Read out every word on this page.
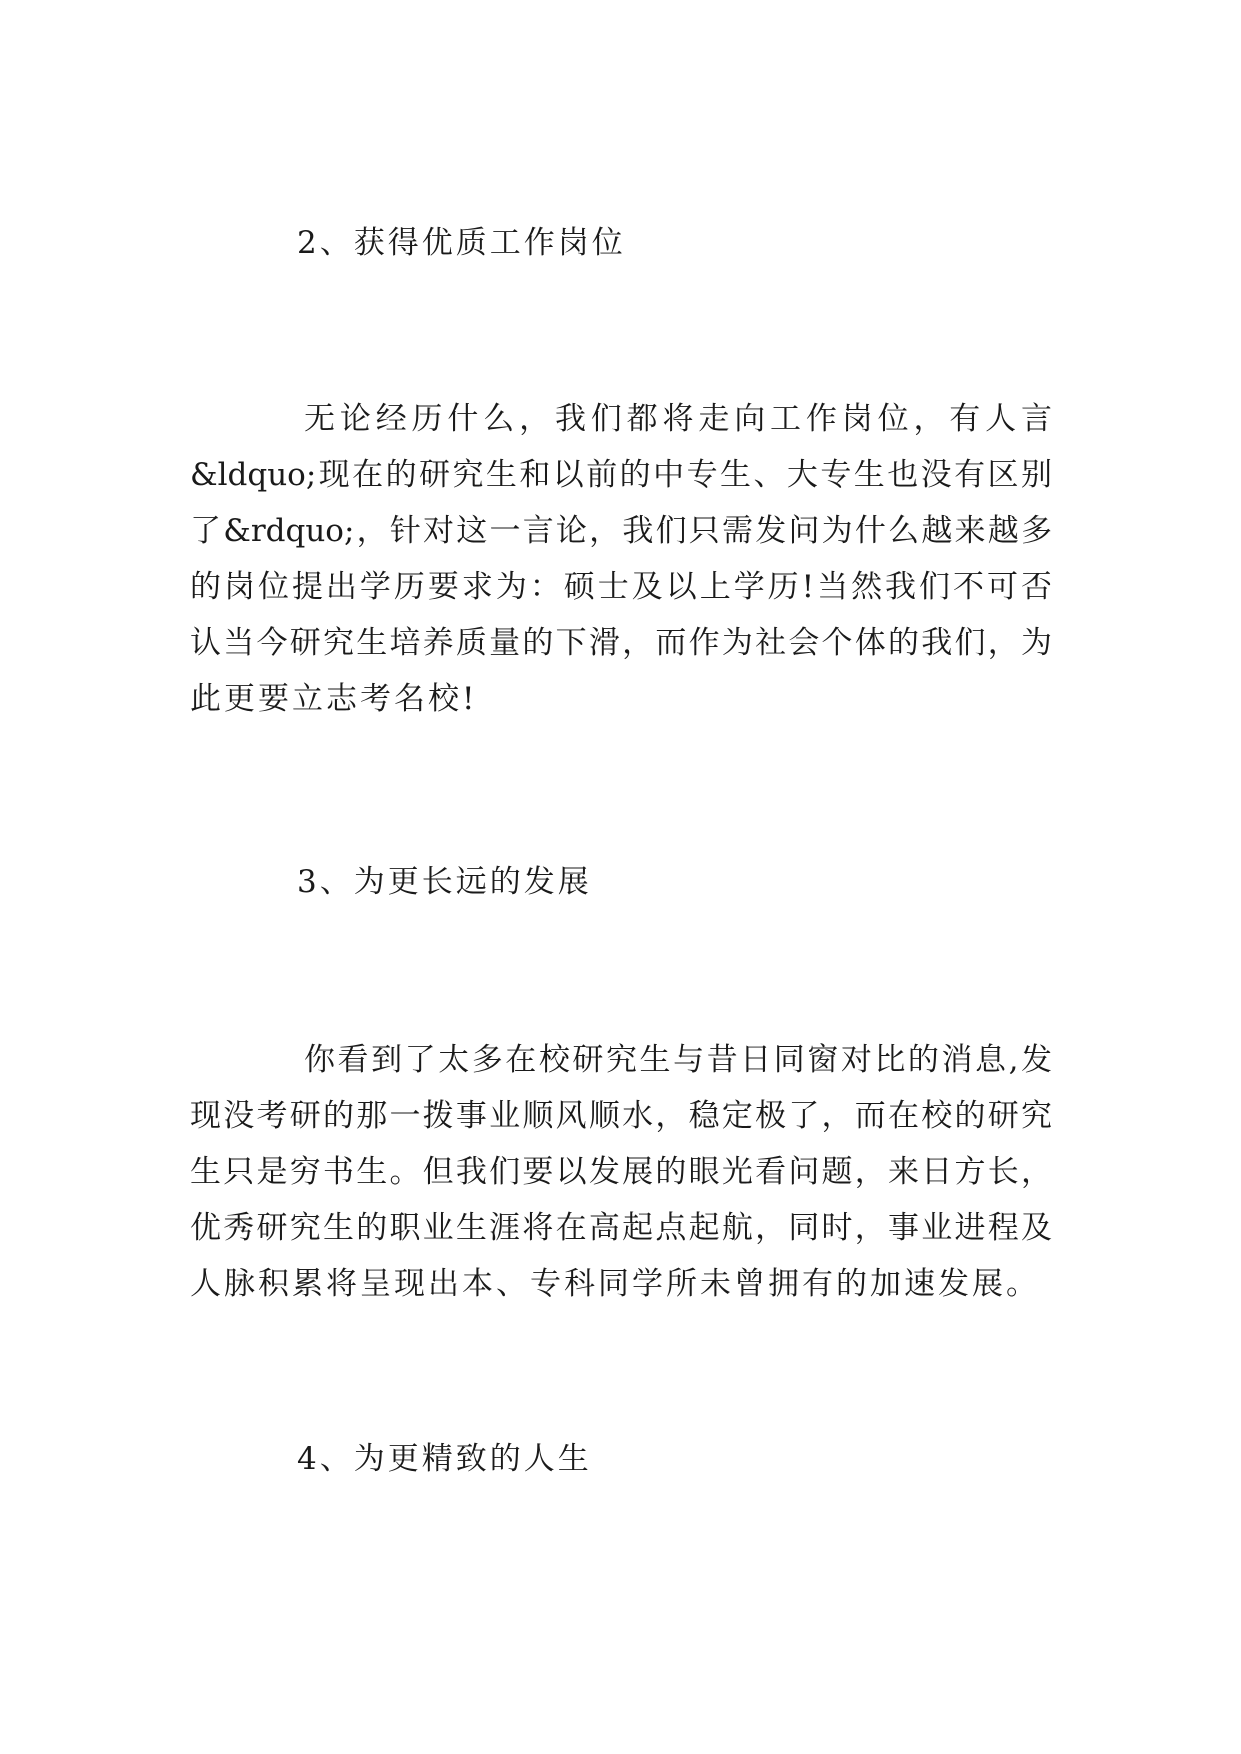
2、获得优质工作岗位
无论经历什么，我们都将走向工作岗位，有人言
&ldquo;现在的研究生和以前的中专生、大专生也没有区别
了&rdquo;，针对这一言论，我们只需发问为什么越来越多
的岗位提出学历要求为：硕士及以上学历!当然我们不可否
认当今研究生培养质量的下滑，而作为社会个体的我们，为
此更要立志考名校!
3、为更长远的发展
你看到了太多在校研究生与昔日同窗对比的消息,发
现没考研的那一拨事业顺风顺水，稳定极了，而在校的研究
生只是穷书生。但我们要以发展的眼光看问题，来日方长，
优秀研究生的职业生涯将在高起点起航，同时，事业进程及
人脉积累将呈现出本、专科同学所未曾拥有的加速发展。
4、为更精致的人生
